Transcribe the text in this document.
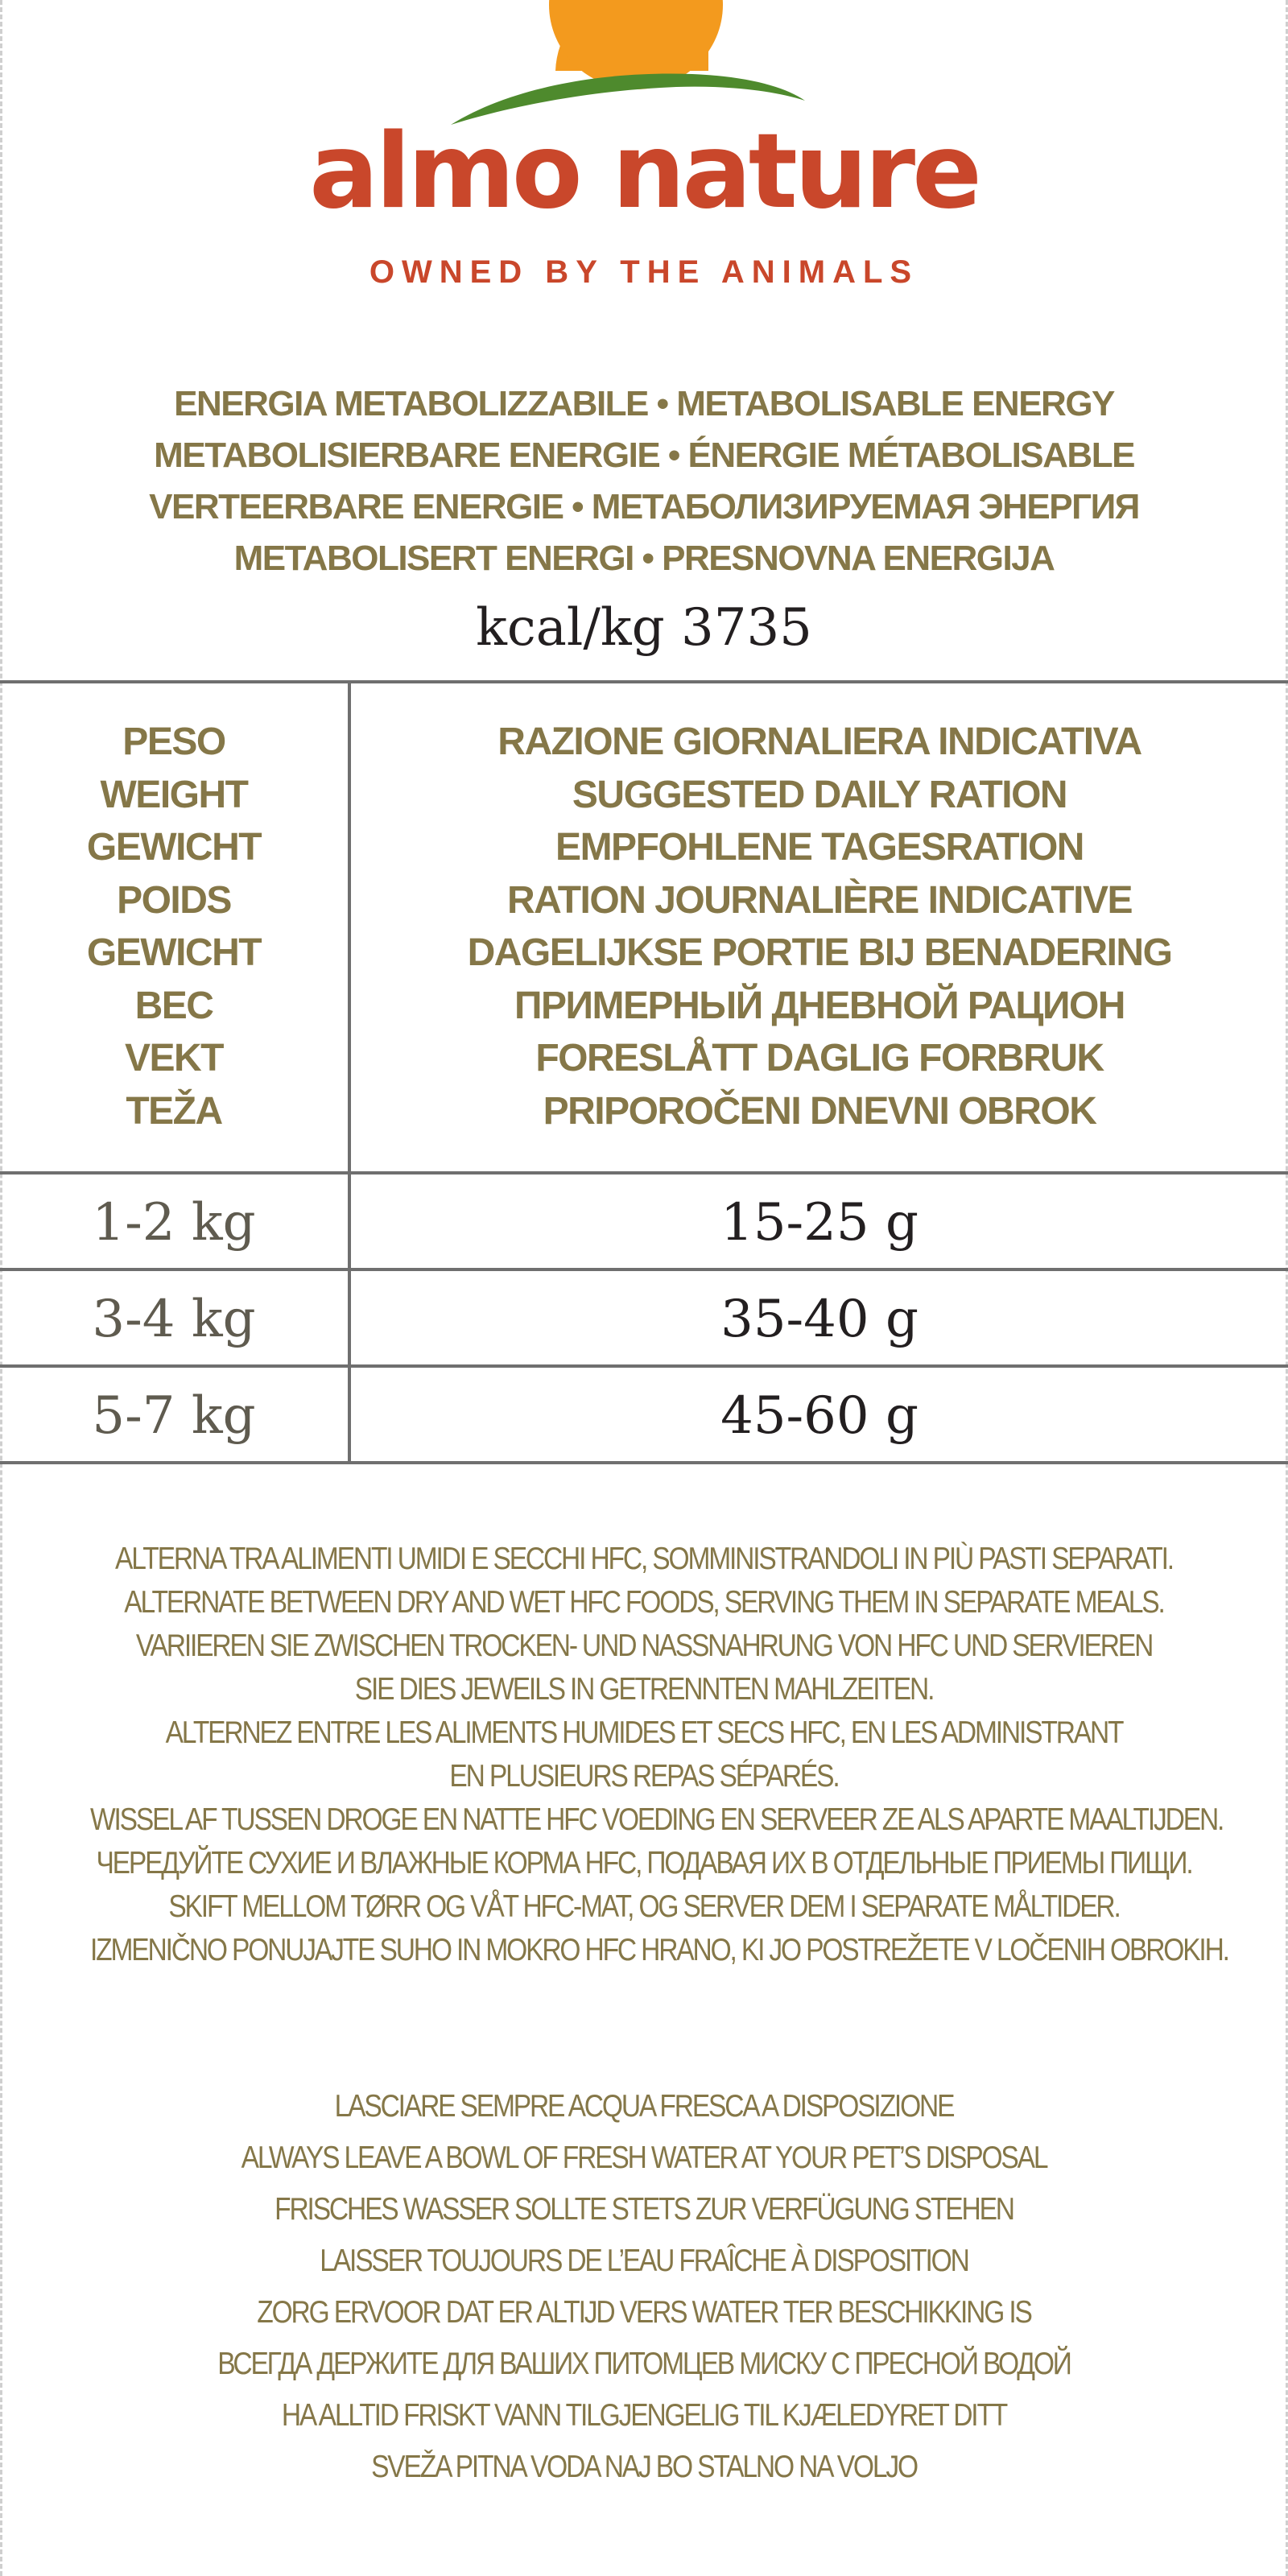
almo nature
OWNED BY THE ANIMALS
ENERGIA METABOLIZZABILE • METABOLISABLE ENERGY
METABOLISIERBARE ENERGIE • ÉNERGIE MÉTABOLISABLE
VERTEERBARE ENERGIE • МЕТАБОЛИЗИРУЕМАЯ ЭНЕРГИЯ
METABOLISERT ENERGI • PRESNOVNA ENERGIJA
kcal/kg 3735
PESO
WEIGHT
GEWICHT
POIDS
GEWICHT
ВЕС
VEKT
TEŽA
RAZIONE GIORNALIERA INDICATIVA
SUGGESTED DAILY RATION
EMPFOHLENE TAGESRATION
RATION JOURNALIÈRE INDICATIVE
DAGELIJKSE PORTIE BIJ BENADERING
ПРИМЕРНЫЙ ДНЕВНОЙ РАЦИОН
FORESLÅTT DAGLIG FORBRUK
PRIPOROČENI DNEVNI OBROK
1-2 kg	15-25 g
3-4 kg	35-40 g
5-7 kg	45-60 g
ALTERNA TRA ALIMENTI UMIDI E SECCHI HFC, SOMMINISTRANDOLI IN PIÙ PASTI SEPARATI.
ALTERNATE BETWEEN DRY AND WET HFC FOODS, SERVING THEM IN SEPARATE MEALS.
VARIIEREN SIE ZWISCHEN TROCKEN- UND NASSNAHRUNG VON HFC UND SERVIEREN
SIE DIES JEWEILS IN GETRENNTEN MAHLZEITEN.
ALTERNEZ ENTRE LES ALIMENTS HUMIDES ET SECS HFC, EN LES ADMINISTRANT
EN PLUSIEURS REPAS SÉPARÉS.
WISSEL AF TUSSEN DROGE EN NATTE HFC VOEDING EN SERVEER ZE ALS APARTE MAALTIJDEN.
ЧЕРЕДУЙТЕ СУХИЕ И ВЛАЖНЫЕ КОРМА HFC, ПОДАВАЯ ИХ В ОТДЕЛЬНЫЕ ПРИЕМЫ ПИЩИ.
SKIFT MELLOM TØRR OG VÅT HFC-MAT, OG SERVER DEM I SEPARATE MÅLTIDER.
IZMENIČNO PONUJAJTE SUHO IN MOKRO HFC HRANO, KI JO POSTREŽETE V LOČENIH OBROKIH.
LASCIARE SEMPRE ACQUA FRESCA A DISPOSIZIONE
ALWAYS LEAVE A BOWL OF FRESH WATER AT YOUR PET’S DISPOSAL
FRISCHES WASSER SOLLTE STETS ZUR VERFÜGUNG STEHEN
LAISSER TOUJOURS DE L’EAU FRAÎCHE À DISPOSITION
ZORG ERVOOR DAT ER ALTIJD VERS WATER TER BESCHIKKING IS
ВСЕГДА ДЕРЖИТЕ ДЛЯ ВАШИХ ПИТОМЦЕВ МИСКУ С ПРЕСНОЙ ВОДОЙ
HA ALLTID FRISKT VANN TILGJENGELIG TIL KJÆLEDYRET DITT
SVEŽA PITNA VODA NAJ BO STALNO NA VOLJO
